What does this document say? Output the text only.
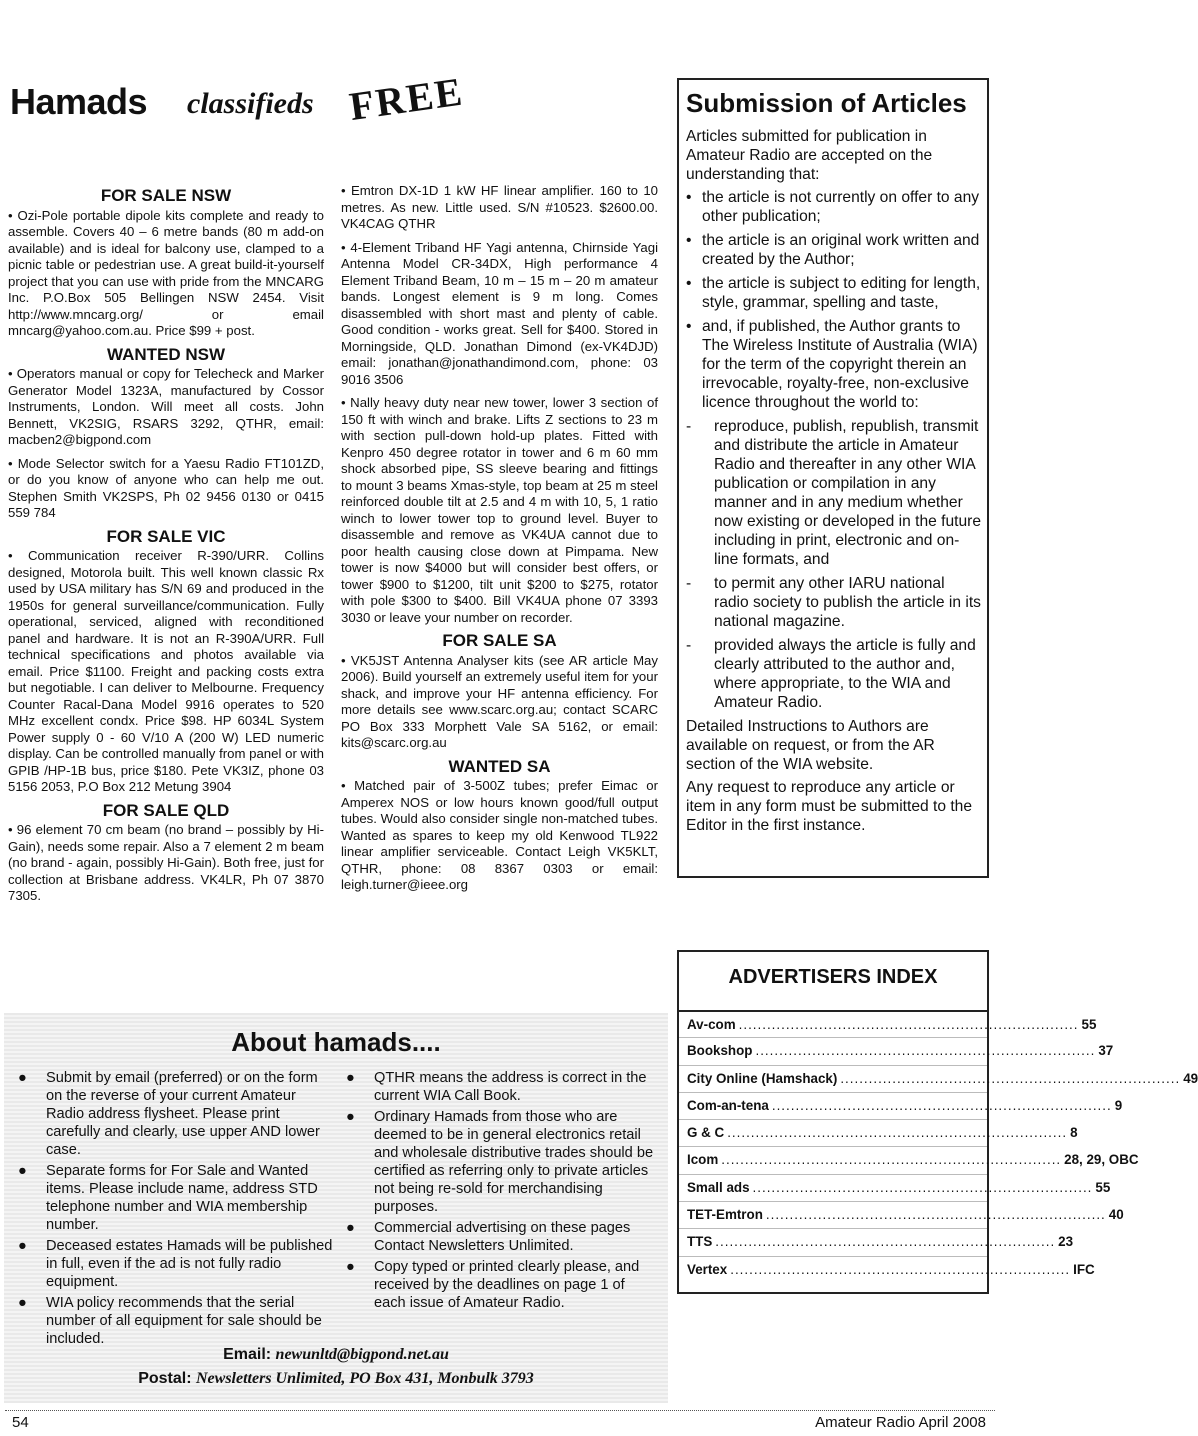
Hamads classifieds FREE
FOR SALE NSW

• Ozi-Pole portable dipole kits complete and ready to assemble. Covers 40 – 6 metre bands (80 m add-on available) and is ideal for balcony use, clamped to a picnic table or pedestrian use. A great build-it-yourself project that you can use with pride from the MNCARG Inc. P.O.Box 505 Bellingen NSW 2454. Visit http://www.mncarg.org/ or email mncarg@yahoo.com.au. Price $99 + post.

WANTED NSW

• Operators manual or copy for Telecheck and Marker Generator Model 1323A, manufactured by Cossor Instruments, London. Will meet all costs. John Bennett, VK2SIG, RSARS 3292, QTHR, email: macben2@bigpond.com

• Mode Selector switch for a Yaesu Radio FT101ZD, or do you know of anyone who can help me out. Stephen Smith VK2SPS, Ph 02 9456 0130 or 0415 559 784

FOR SALE VIC

• Communication receiver R-390/URR. Collins designed, Motorola built. This well known classic Rx used by USA military has S/N 69 and produced in the 1950s for general surveillance/communication. Fully operational, serviced, aligned with reconditioned panel and hardware. It is not an R-390A/URR. Full technical specifications and photos available via email. Price $1100. Freight and packing costs extra but negotiable. I can deliver to Melbourne. Frequency Counter Racal-Dana Model 9916 operates to 520 MHz excellent condx. Price $98. HP 6034L System Power supply 0 - 60 V/10 A (200 W) LED numeric display. Can be controlled manually from panel or with GPIB /HP-1B bus, price $180. Pete VK3IZ, phone 03 5156 2053, P.O Box 212 Metung 3904

FOR SALE QLD

• 96 element 70 cm beam (no brand – possibly by Hi-Gain), needs some repair. Also a 7 element 2 m beam (no brand - again, possibly Hi-Gain). Both free, just for collection at Brisbane address. VK4LR, Ph 07 3870 7305.

• Emtron DX-1D 1 kW HF linear amplifier. 160 to 10 metres. As new. Little used. S/N #10523. $2600.00. VK4CAG QTHR

• 4-Element Triband HF Yagi antenna, Chirnside Yagi Antenna Model CR-34DX, High performance 4 Element Triband Beam, 10 m – 15 m – 20 m amateur bands. Longest element is 9 m long. Comes disassembled with short mast and plenty of cable. Good condition - works great. Sell for $400. Stored in Morningside, QLD. Jonathan Dimond (ex-VK4DJD) email: jonathan@jonathandimond.com, phone: 03 9016 3506

• Nally heavy duty near new tower, lower 3 section of 150 ft with winch and brake. Lifts Z sections to 23 m with section pull-down hold-up plates. Fitted with Kenpro 450 degree rotator in tower and 6 m 60 mm shock absorbed pipe, SS sleeve bearing and fittings to mount 3 beams Xmas-style, top beam at 25 m steel reinforced double tilt at 2.5 and 4 m with 10, 5, 1 ratio winch to lower tower top to ground level. Buyer to disassemble and remove as VK4UA cannot due to poor health causing close down at Pimpama. New tower is now $4000 but will consider best offers, or tower $900 to $1200, tilt unit $200 to $275, rotator with pole $300 to $400. Bill VK4UA phone 07 3393 3030 or leave your number on recorder.

FOR SALE SA

• VK5JST Antenna Analyser kits (see AR article May 2006). Build yourself an extremely useful item for your shack, and improve your HF antenna efficiency. For more details see www.scarc.org.au; contact SCARC PO Box 333 Morphett Vale SA 5162, or email: kits@scarc.org.au

WANTED SA

• Matched pair of 3-500Z tubes; prefer Eimac or Amperex NOS or low hours known good/full output tubes. Would also consider single non-matched tubes. Wanted as spares to keep my old Kenwood TL922 linear amplifier serviceable. Contact Leigh VK5KLT, QTHR, phone: 08 8367 0303 or email: leigh.turner@ieee.org

Submission of Articles

Articles submitted for publication in Amateur Radio are accepted on the understanding that:

• the article is not currently on offer to any other publication;
• the article is an original work written and created by the Author;
• the article is subject to editing for length, style, grammar, spelling and taste,
• and, if published, the Author grants to The Wireless Institute of Australia (WIA) for the term of the copyright therein an irrevocable, royalty-free, non-exclusive licence throughout the world to:
- reproduce, publish, republish, transmit and distribute the article in Amateur Radio and thereafter in any other WIA publication or compilation in any manner and in any medium whether now existing or developed in the future including in print, electronic and on-line formats, and
- to permit any other IARU national radio society to publish the article in its national magazine.
- provided always the article is fully and clearly attributed to the author and, where appropriate, to the WIA and Amateur Radio.

Detailed Instructions to Authors are available on request, or from the AR section of the WIA website.

Any request to reproduce any article or item in any form must be submitted to the Editor in the first instance.

ADVERTISERS INDEX
Av-com ........................................................................ 55
Bookshop ........................................................................ 37
City Online (Hamshack) ........................................................................ 49
Com-an-tena ........................................................................ 9
G & C ........................................................................ 8
Icom ........................................................................ 28, 29, OBC
Small ads ........................................................................ 55
TET-Emtron ........................................................................ 40
TTS ........................................................................ 23
Vertex ........................................................................ IFC
About hamads....
● Submit by email (preferred) or on the form on the reverse of your current Amateur Radio address flysheet. Please print carefully and clearly, use upper AND lower case.
● Separate forms for For Sale and Wanted items. Please include name, address STD telephone number and WIA membership number.
● Deceased estates Hamads will be published in full, even if the ad is not fully radio equipment.
● WIA policy recommends that the serial number of all equipment for sale should be included.
● QTHR means the address is correct in the current WIA Call Book.
● Ordinary Hamads from those who are deemed to be in general electronics retail and wholesale distributive trades should be certified as referring only to private articles not being re-sold for merchandising purposes.
● Commercial advertising on these pages Contact Newsletters Unlimited.
● Copy typed or printed clearly please, and received by the deadlines on page 1 of each issue of Amateur Radio.
Email: newunltd@bigpond.net.au
Postal: Newsletters Unlimited, PO Box 431, Monbulk 3793
54	Amateur Radio April 2008
